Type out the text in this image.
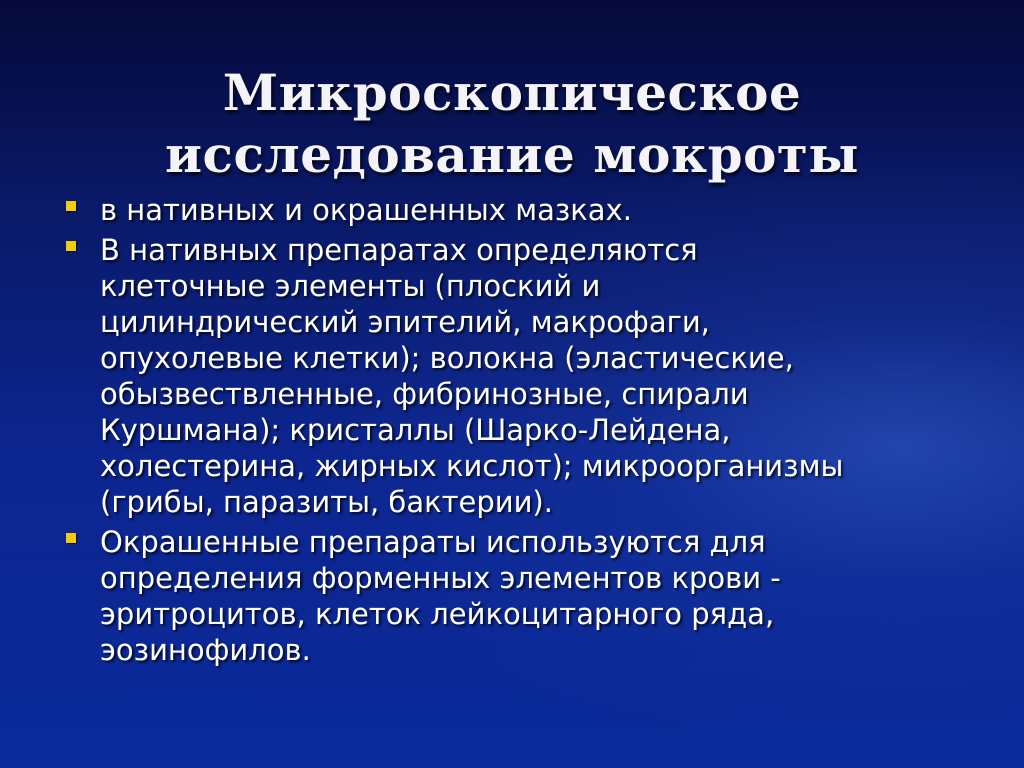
Микроскопическое
исследование мокроты
в нативных и окрашенных мазках.
В нативных препаратах определяются
клеточные элементы (плоский и
цилиндрический эпителий, макрофаги,
опухолевые клетки); волокна (эластические,
обызвествленные, фибринозные, спирали
Куршмана); кристаллы (Шарко-Лейдена,
холестерина, жирных кислот); микроорганизмы
(грибы, паразиты, бактерии).
Окрашенные препараты используются для
определения форменных элементов крови -
эритроцитов, клеток лейкоцитарного ряда,
эозинофилов.
